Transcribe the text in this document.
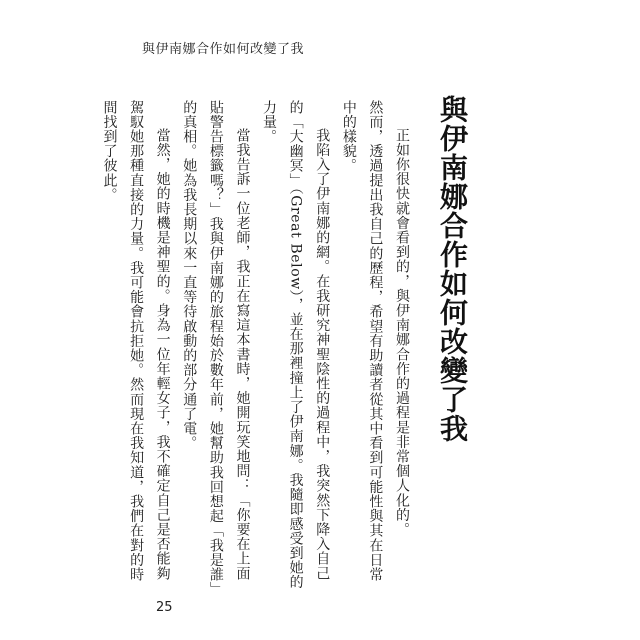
與伊南娜合作如何改變了我
與伊南娜合作如何改變了我

正如你很快就會看到的，與伊南娜合作的過程是非常個人化的。

然而，透過提出我自己的歷程，希望有助讀者從其中看到可能性與其在日常中的樣貌。

我陷入了伊南娜的網。在我研究神聖陰性的過程中，我突然下降入自己的「大幽冥」（Great Below），並在那裡撞上了伊南娜。我隨即感受到她的力量。

當我告訴一位老師，我正在寫這本書時，她開玩笑地問：「你要在上面貼警告標籤嗎？」我與伊南娜的旅程始於數年前，她幫助我回想起「我是誰」的真相。她為我長期以來一直等待啟動的部分通了電。

當然，她的時機是神聖的。身為一位年輕女子，我不確定自己是否能夠駕馭她那種直接的力量。我可能會抗拒她。然而現在我知道，我們在對的時間找到了彼此。

25
